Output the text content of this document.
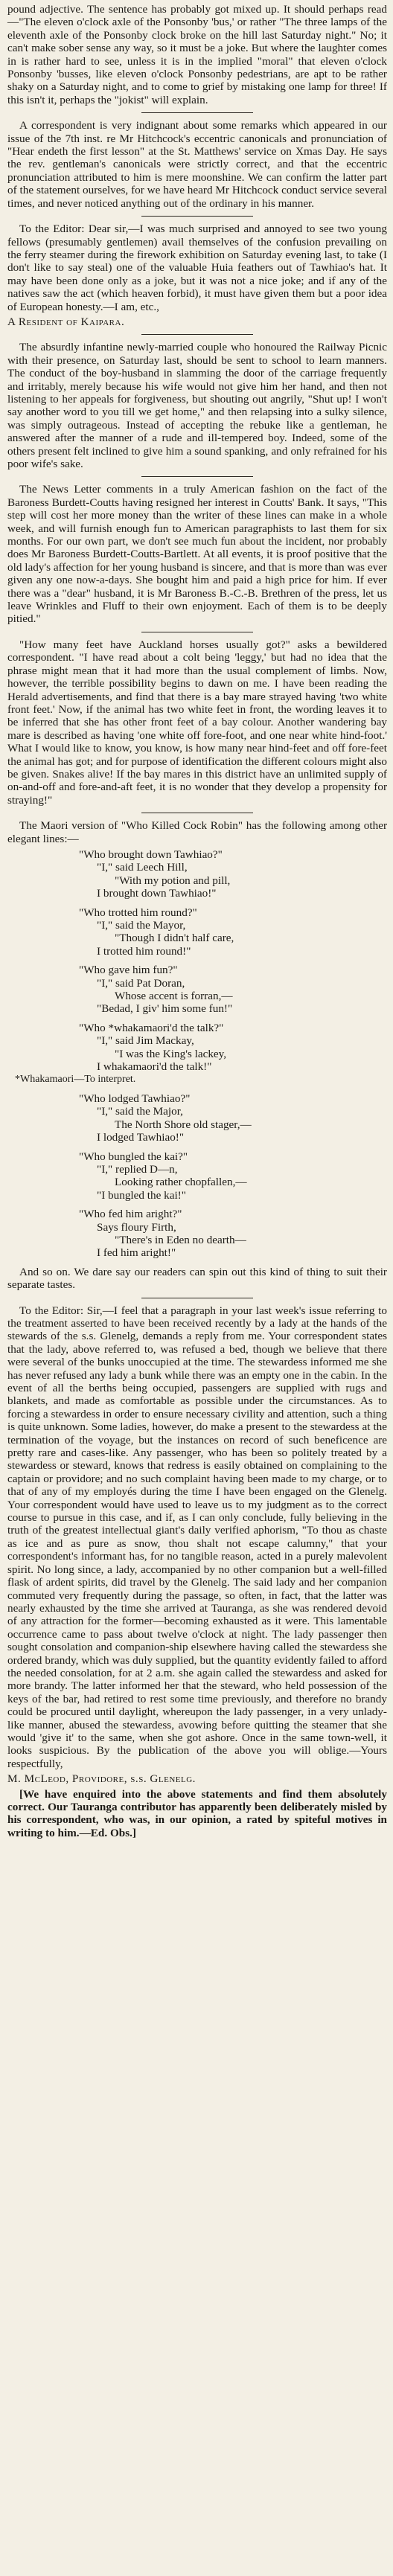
pound adjective. The sentence has probably got mixed up. It should perhaps read—"The eleven o'clock axle of the Ponsonby 'bus,' or rather "The three lamps of the eleventh axle of the Ponsonby clock broke on the hill last Saturday night." No; it can't make sober sense any way, so it must be a joke. But where the laughter comes in is rather hard to see, unless it is in the implied "moral" that eleven o'clock Ponsonby 'busses, like eleven o'clock Ponsonby pedestrians, are apt to be rather shaky on a Saturday night, and to come to grief by mistaking one lamp for three! If this isn't it, perhaps the "jokist" will explain.

A correspondent is very indignant about some remarks which appeared in our issue of the 7th inst. re Mr Hitchcock's eccentric canonicals and pronunciation of "Hear endeth the first lesson" at the St. Matthews' service on Xmas Day. He says the rev. gentleman's canonicals were strictly correct, and that the eccentric pronunciation attributed to him is mere moonshine. We can confirm the latter part of the statement ourselves, for we have heard Mr Hitchcock conduct service several times, and never noticed anything out of the ordinary in his manner.

To the Editor: Dear sir,—I was much surprised and annoyed to see two young fellows (presumably gentlemen) avail themselves of the confusion prevailing on the ferry steamer during the firework exhibition on Saturday evening last, to take (I don't like to say steal) one of the valuable Huia feathers out of Tawhiao's hat. It may have been done only as a joke, but it was not a nice joke; and if any of the natives saw the act (which heaven forbid), it must have given them but a poor idea of European honesty.—I am, etc.,

A Resident of Kaipara.

The absurdly infantine newly-married couple who honoured the Railway Picnic with their presence, on Saturday last, should be sent to school to learn manners. The conduct of the boy-husband in slamming the door of the carriage frequently and irritably, merely because his wife would not give him her hand, and then not listening to her appeals for forgiveness, but shouting out angrily, "Shut up! I won't say another word to you till we get home," and then relapsing into a sulky silence, was simply outrageous. Instead of accepting the rebuke like a gentleman, he answered after the manner of a rude and ill-tempered boy. Indeed, some of the others present felt inclined to give him a sound spanking, and only refrained for his poor wife's sake.

The News Letter comments in a truly American fashion on the fact of the Baroness Burdett-Coutts having resigned her interest in Coutts' Bank. It says, "This step will cost her more money than the writer of these lines can make in a whole week, and will furnish enough fun to American paragraphists to last them for six months. For our own part, we don't see much fun about the incident, nor probably does Mr Baroness Burdett-Coutts-Bartlett. At all events, it is proof positive that the old lady's affection for her young husband is sincere, and that is more than was ever given any one now-a-days. She bought him and paid a high price for him. If ever there was a "dear" husband, it is Mr Baroness B.-C.-B. Brethren of the press, let us leave Wrinkles and Fluff to their own enjoyment. Each of them is to be deeply pitied."

"How many feet have Auckland horses usually got?" asks a bewildered correspondent. "I have read about a colt being 'leggy,' but had no idea that the phrase might mean that it had more than the usual complement of limbs. Now, however, the terrible possibility begins to dawn on me. I have been reading the Herald advertisements, and find that there is a bay mare strayed having 'two white front feet.' Now, if the animal has two white feet in front, the wording leaves it to be inferred that she has other front feet of a bay colour. Another wandering bay mare is described as having 'one white off fore-foot, and one near white hind-foot.' What I would like to know, you know, is how many near hind-feet and off fore-feet the animal has got; and for purpose of identification the different colours might also be given. Snakes alive! If the bay mares in this district have an unlimited supply of on-and-off and fore-and-aft feet, it is no wonder that they develop a propensity for straying!"

The Maori version of "Who Killed Cock Robin" has the following among other elegant lines:—

"Who brought down Tawhiao?"
"I," said Leech Hill,
"With my potion and pill,
I brought down Tawhiao!"
"Who trotted him round?"
"I," said the Mayor,
"Though I didn't half care,
I trotted him round!"
"Who gave him fun?"
"I," said Pat Doran,
Whose accent is forran,—
"Bedad, I giv' him some fun!"
"Who *whakamaori'd the talk?"
"I," said Jim Mackay,
"I was the King's lackey,
I whakamaori'd the talk!"
*Whakamaori—To interpret.
"Who lodged Tawhiao?"
"I," said the Major,
The North Shore old stager,—
I lodged Tawhiao!"
"Who bungled the kai?"
"I," replied D—n,
Looking rather chopfallen,—
"I bungled the kai!"
"Who fed him aright?"
Says floury Firth,
"There's in Eden no dearth—
I fed him aright!"

And so on. We dare say our readers can spin out this kind of thing to suit their separate tastes.

To the Editor: Sir,—I feel that a paragraph in your last week's issue referring to the treatment asserted to have been received recently by a lady at the hands of the stewards of the s.s. Glenelg, demands a reply from me. Your correspondent states that the lady, above referred to, was refused a bed, though we believe that there were several of the bunks unoccupied at the time. The stewardess informed me she has never refused any lady a bunk while there was an empty one in the cabin. In the event of all the berths being occupied, passengers are supplied with rugs and blankets, and made as comfortable as possible under the circumstances. As to forcing a stewardess in order to ensure necessary civility and attention, such a thing is quite unknown. Some ladies, however, do make a present to the stewardess at the termination of the voyage, but the instances on record of such beneficence are pretty rare and cases-like. Any passenger, who has been so politely treated by a stewardess or steward, knows that redress is easily obtained on complaining to the captain or providore; and no such complaint having been made to my charge, or to that of any of my employés during the time I have been engaged on the Glenelg. Your correspondent would have used to leave us to my judgment as to the correct course to pursue in this case, and if, as I can only conclude, fully believing in the truth of the greatest intellectual giant's daily verified aphorism, "To thou as chaste as ice and as pure as snow, thou shalt not escape calumny," that your correspondent's informant has, for no tangible reason, acted in a purely malevolent spirit. No long since, a lady, accompanied by no other companion but a well-filled flask of ardent spirits, did travel by the Glenelg. The said lady and her companion commuted very frequently during the passage, so often, in fact, that the latter was nearly exhausted by the time she arrived at Tauranga, as she was rendered devoid of any attraction for the former—becoming exhausted as it were. This lamentable occurrence came to pass about twelve o'clock at night. The lady passenger then sought consolation and companion-ship elsewhere having called the stewardess she ordered brandy, which was duly supplied, but the quantity evidently failed to afford the needed consolation, for at 2 a.m. she again called the stewardess and asked for more brandy. The latter informed her that the steward, who held possession of the keys of the bar, had retired to rest some time previously, and therefore no brandy could be procured until daylight, whereupon the lady passenger, in a very unlady-like manner, abused the stewardess, avowing before quitting the steamer that she would 'give it' to the same, when she got ashore. Once in the same town-well, it looks suspicious. By the publication of the above you will oblige.—Yours respectfully,

M. McLeod, Providore, s.s. Glenelg.

[We have enquired into the above statements and find them absolutely correct. Our Tauranga contributor has apparently been deliberately misled by his correspondent, who was, in our opinion, a rated by spiteful motives in writing to him.—Ed. Obs.]
